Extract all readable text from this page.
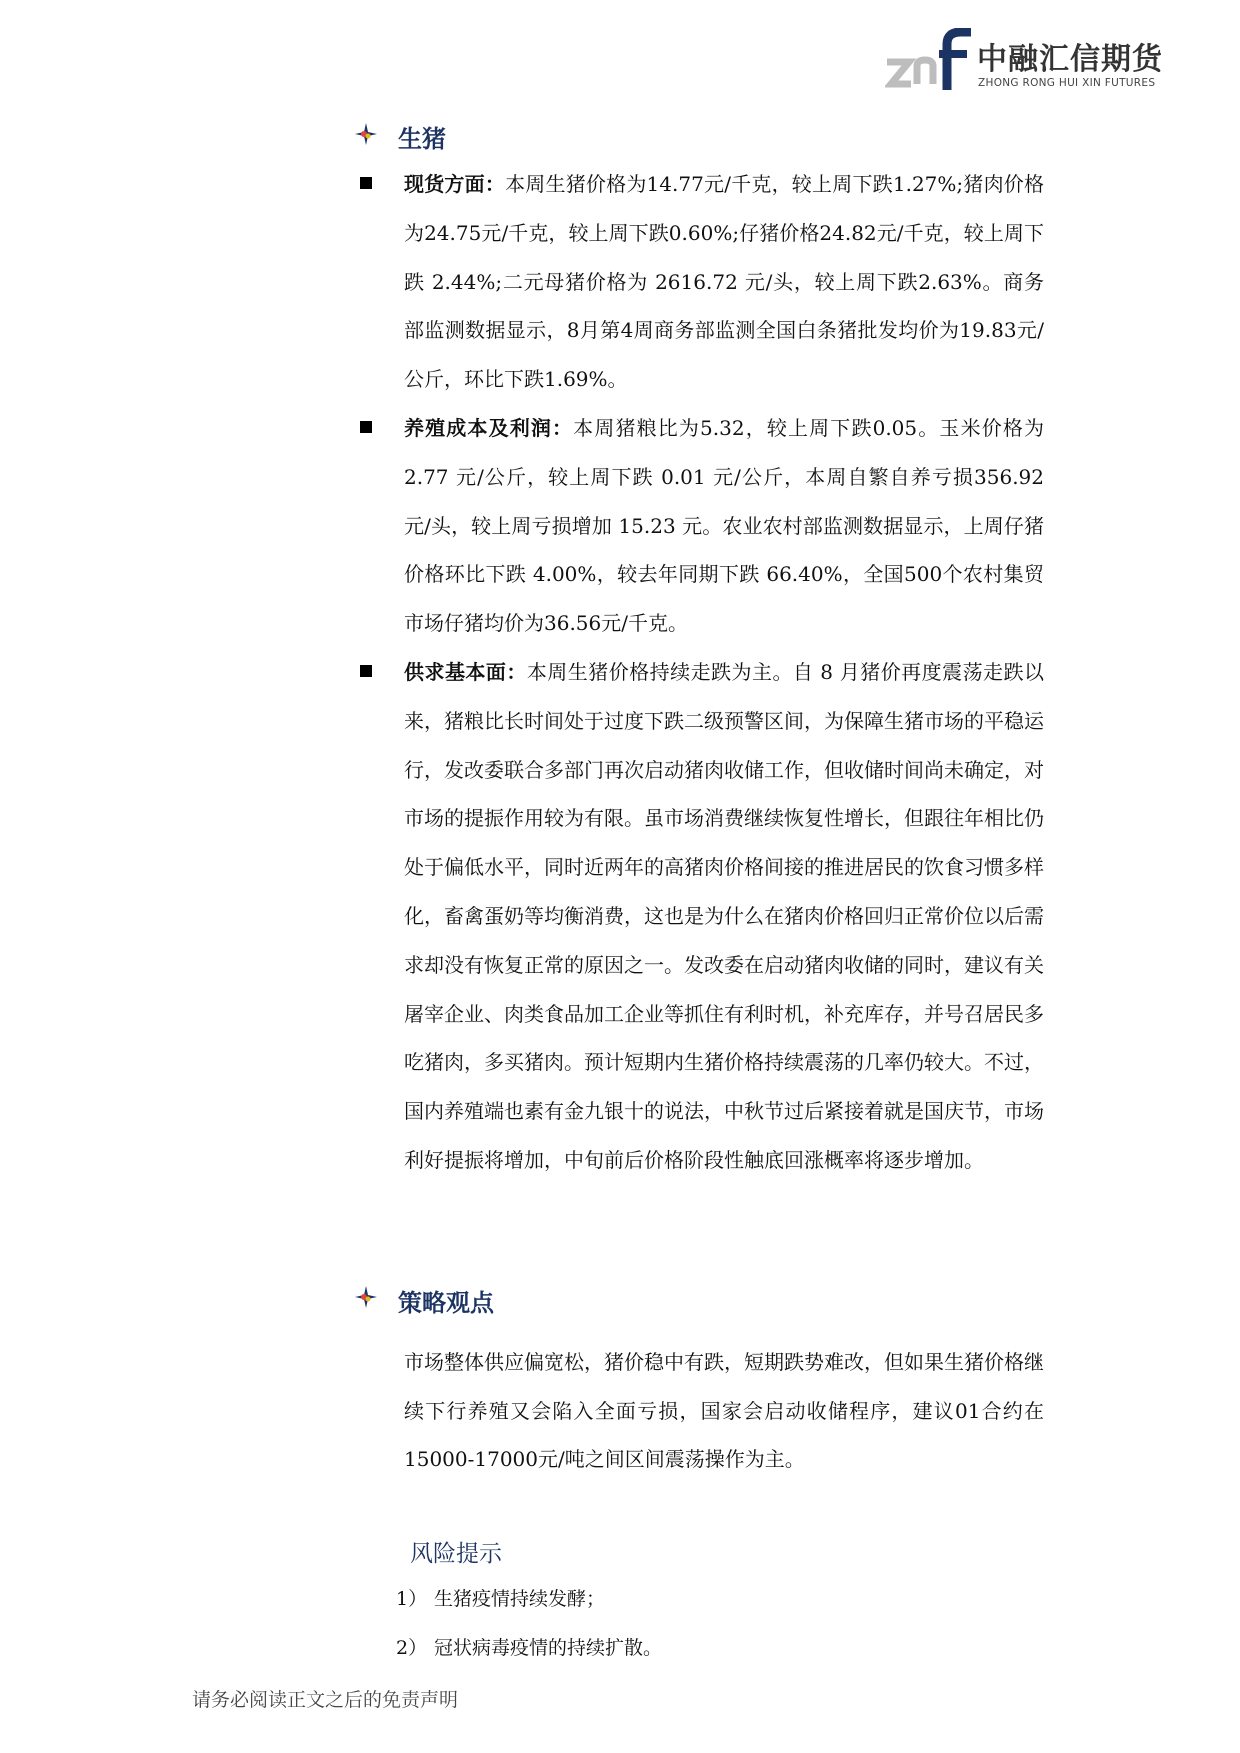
中融汇信期货
ZHONG RONG HUI XIN FUTURES
生猪

现货方面：本周生猪价格为14.77元/千克，较上周下跌1.27%;猪肉价格为24.75元/千克，较上周下跌0.60%;仔猪价格24.82元/千克，较上周下跌 2.44%;二元母猪价格为 2616.72 元/头，较上周下跌2.63%。商务部监测数据显示，8月第4周商务部监测全国白条猪批发均价为19.83元/公斤，环比下跌1.69%。

养殖成本及利润：本周猪粮比为5.32，较上周下跌0.05。玉米价格为 2.77 元/公斤，较上周下跌 0.01 元/公斤，本周自繁自养亏损356.92 元/头，较上周亏损增加 15.23 元。农业农村部监测数据显示，上周仔猪价格环比下跌 4.00%，较去年同期下跌 66.40%，全国500个农村集贸市场仔猪均价为36.56元/千克。

供求基本面：本周生猪价格持续走跌为主。自 8 月猪价再度震荡走跌以来，猪粮比长时间处于过度下跌二级预警区间，为保障生猪市场的平稳运行，发改委联合多部门再次启动猪肉收储工作，但收储时间尚未确定，对市场的提振作用较为有限。虽市场消费继续恢复性增长，但跟往年相比仍处于偏低水平，同时近两年的高猪肉价格间接的推进居民的饮食习惯多样化，畜禽蛋奶等均衡消费，这也是为什么在猪肉价格回归正常价位以后需求却没有恢复正常的原因之一。发改委在启动猪肉收储的同时，建议有关屠宰企业、肉类食品加工企业等抓住有利时机，补充库存，并号召居民多吃猪肉，多买猪肉。预计短期内生猪价格持续震荡的几率仍较大。不过，国内养殖端也素有金九银十的说法，中秋节过后紧接着就是国庆节，市场利好提振将增加，中旬前后价格阶段性触底回涨概率将逐步增加。

策略观点

市场整体供应偏宽松，猪价稳中有跌，短期跌势难改，但如果生猪价格继续下行养殖又会陷入全面亏损，国家会启动收储程序，建议01合约在15000-17000元/吨之间区间震荡操作为主。

风险提示
1） 生猪疫情持续发酵；
2） 冠状病毒疫情的持续扩散。
请务必阅读正文之后的免责声明
